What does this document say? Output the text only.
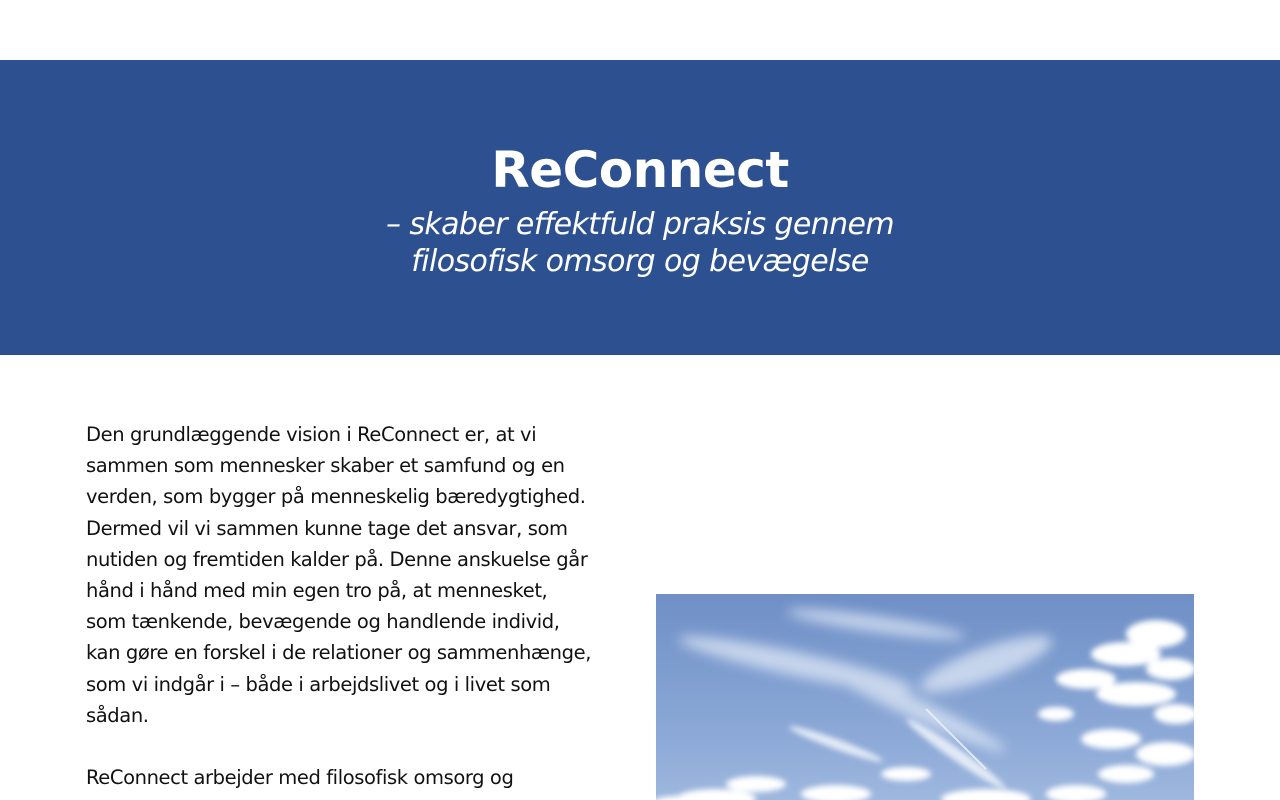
ReConnect
– skaber effektfuld praksis gennem filosofisk omsorg og bevægelse

Den grundlæggende vision i ReConnect er, at vi sammen som mennesker skaber et samfund og en verden, som bygger på menneskelig bæredygtighed. Dermed vil vi sammen kunne tage det ansvar, som nutiden og fremtiden kalder på. Denne anskuelse går hånd i hånd med min egen tro på, at mennesket, som tænkende, bevægende og handlende individ, kan gøre en forskel i de relationer og sammenhænge, som vi indgår i – både i arbejdslivet og i livet som sådan.

ReConnect arbejder med filosofisk omsorg og
